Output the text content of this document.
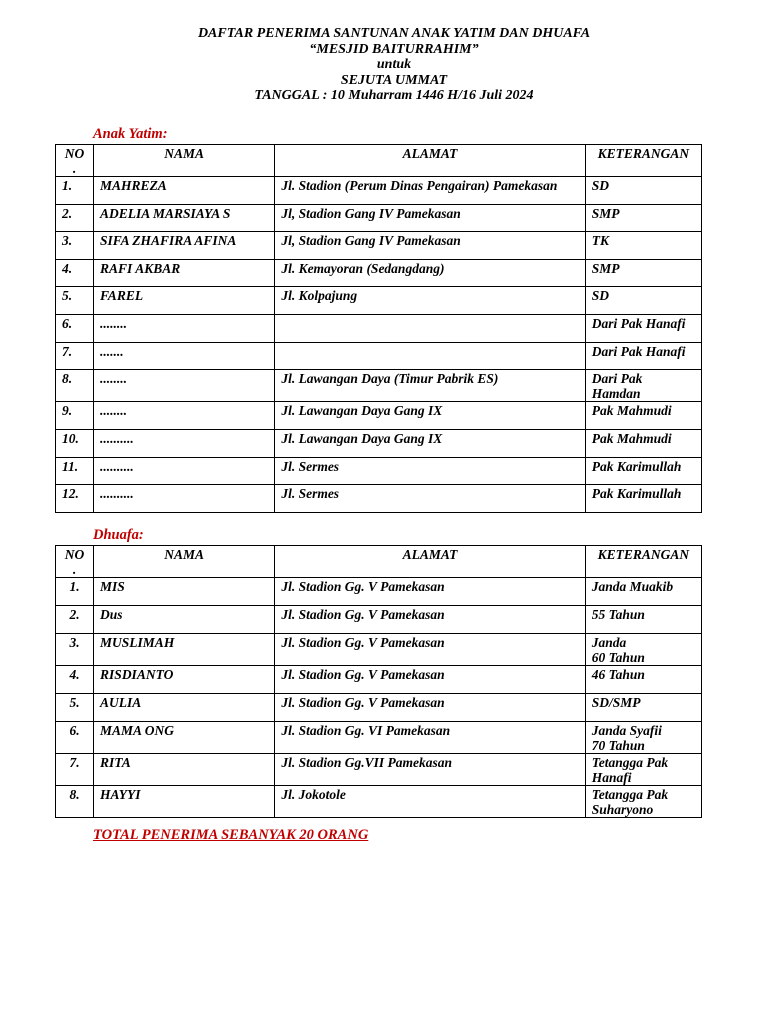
DAFTAR PENERIMA SANTUNAN ANAK YATIM DAN DHUAFA
“MESJID BAITURRAHIM”
untuk
SEJUTA UMMAT
TANGGAL : 10 Muharram 1446 H/16 Juli 2024
Anak Yatim:
NO
.	NAMA	ALAMAT	KETERANGAN
1.	MAHREZA	Jl. Stadion (Perum Dinas Pengairan) Pamekasan	SD
2.	ADELIA MARSIAYA S	Jl, Stadion Gang IV Pamekasan	SMP
3.	SIFA ZHAFIRA AFINA	Jl, Stadion Gang IV Pamekasan	TK
4.	RAFI AKBAR	Jl. Kemayoran (Sedangdang)	SMP
5.	FAREL	Jl. Kolpajung	SD
6.	........		Dari Pak Hanafi
7.	.......		Dari Pak Hanafi
8.	........	Jl. Lawangan Daya (Timur Pabrik ES)	Dari Pak
Hamdan
9.	........	Jl. Lawangan Daya Gang IX	Pak Mahmudi
10.	..........	Jl. Lawangan Daya Gang IX	Pak Mahmudi
11.	..........	Jl. Sermes	Pak Karimullah
12.	..........	Jl. Sermes	Pak Karimullah
Dhuafa:
NO
.	NAMA	ALAMAT	KETERANGAN
1.	MIS	Jl. Stadion Gg. V Pamekasan	Janda Muakib
2.	Dus	Jl. Stadion Gg. V Pamekasan	55 Tahun
3.	MUSLIMAH	Jl. Stadion Gg. V Pamekasan	Janda
60 Tahun
4.	RISDIANTO	Jl. Stadion Gg. V Pamekasan	46 Tahun
5.	AULIA	Jl. Stadion Gg. V Pamekasan	SD/SMP
6.	MAMA ONG	Jl. Stadion Gg. VI Pamekasan	Janda Syafii
70 Tahun
7.	RITA	Jl. Stadion Gg.VII Pamekasan	Tetangga Pak
Hanafi
8.	HAYYI	Jl. Jokotole	Tetangga Pak
Suharyono
TOTAL PENERIMA SEBANYAK 20 ORANG
